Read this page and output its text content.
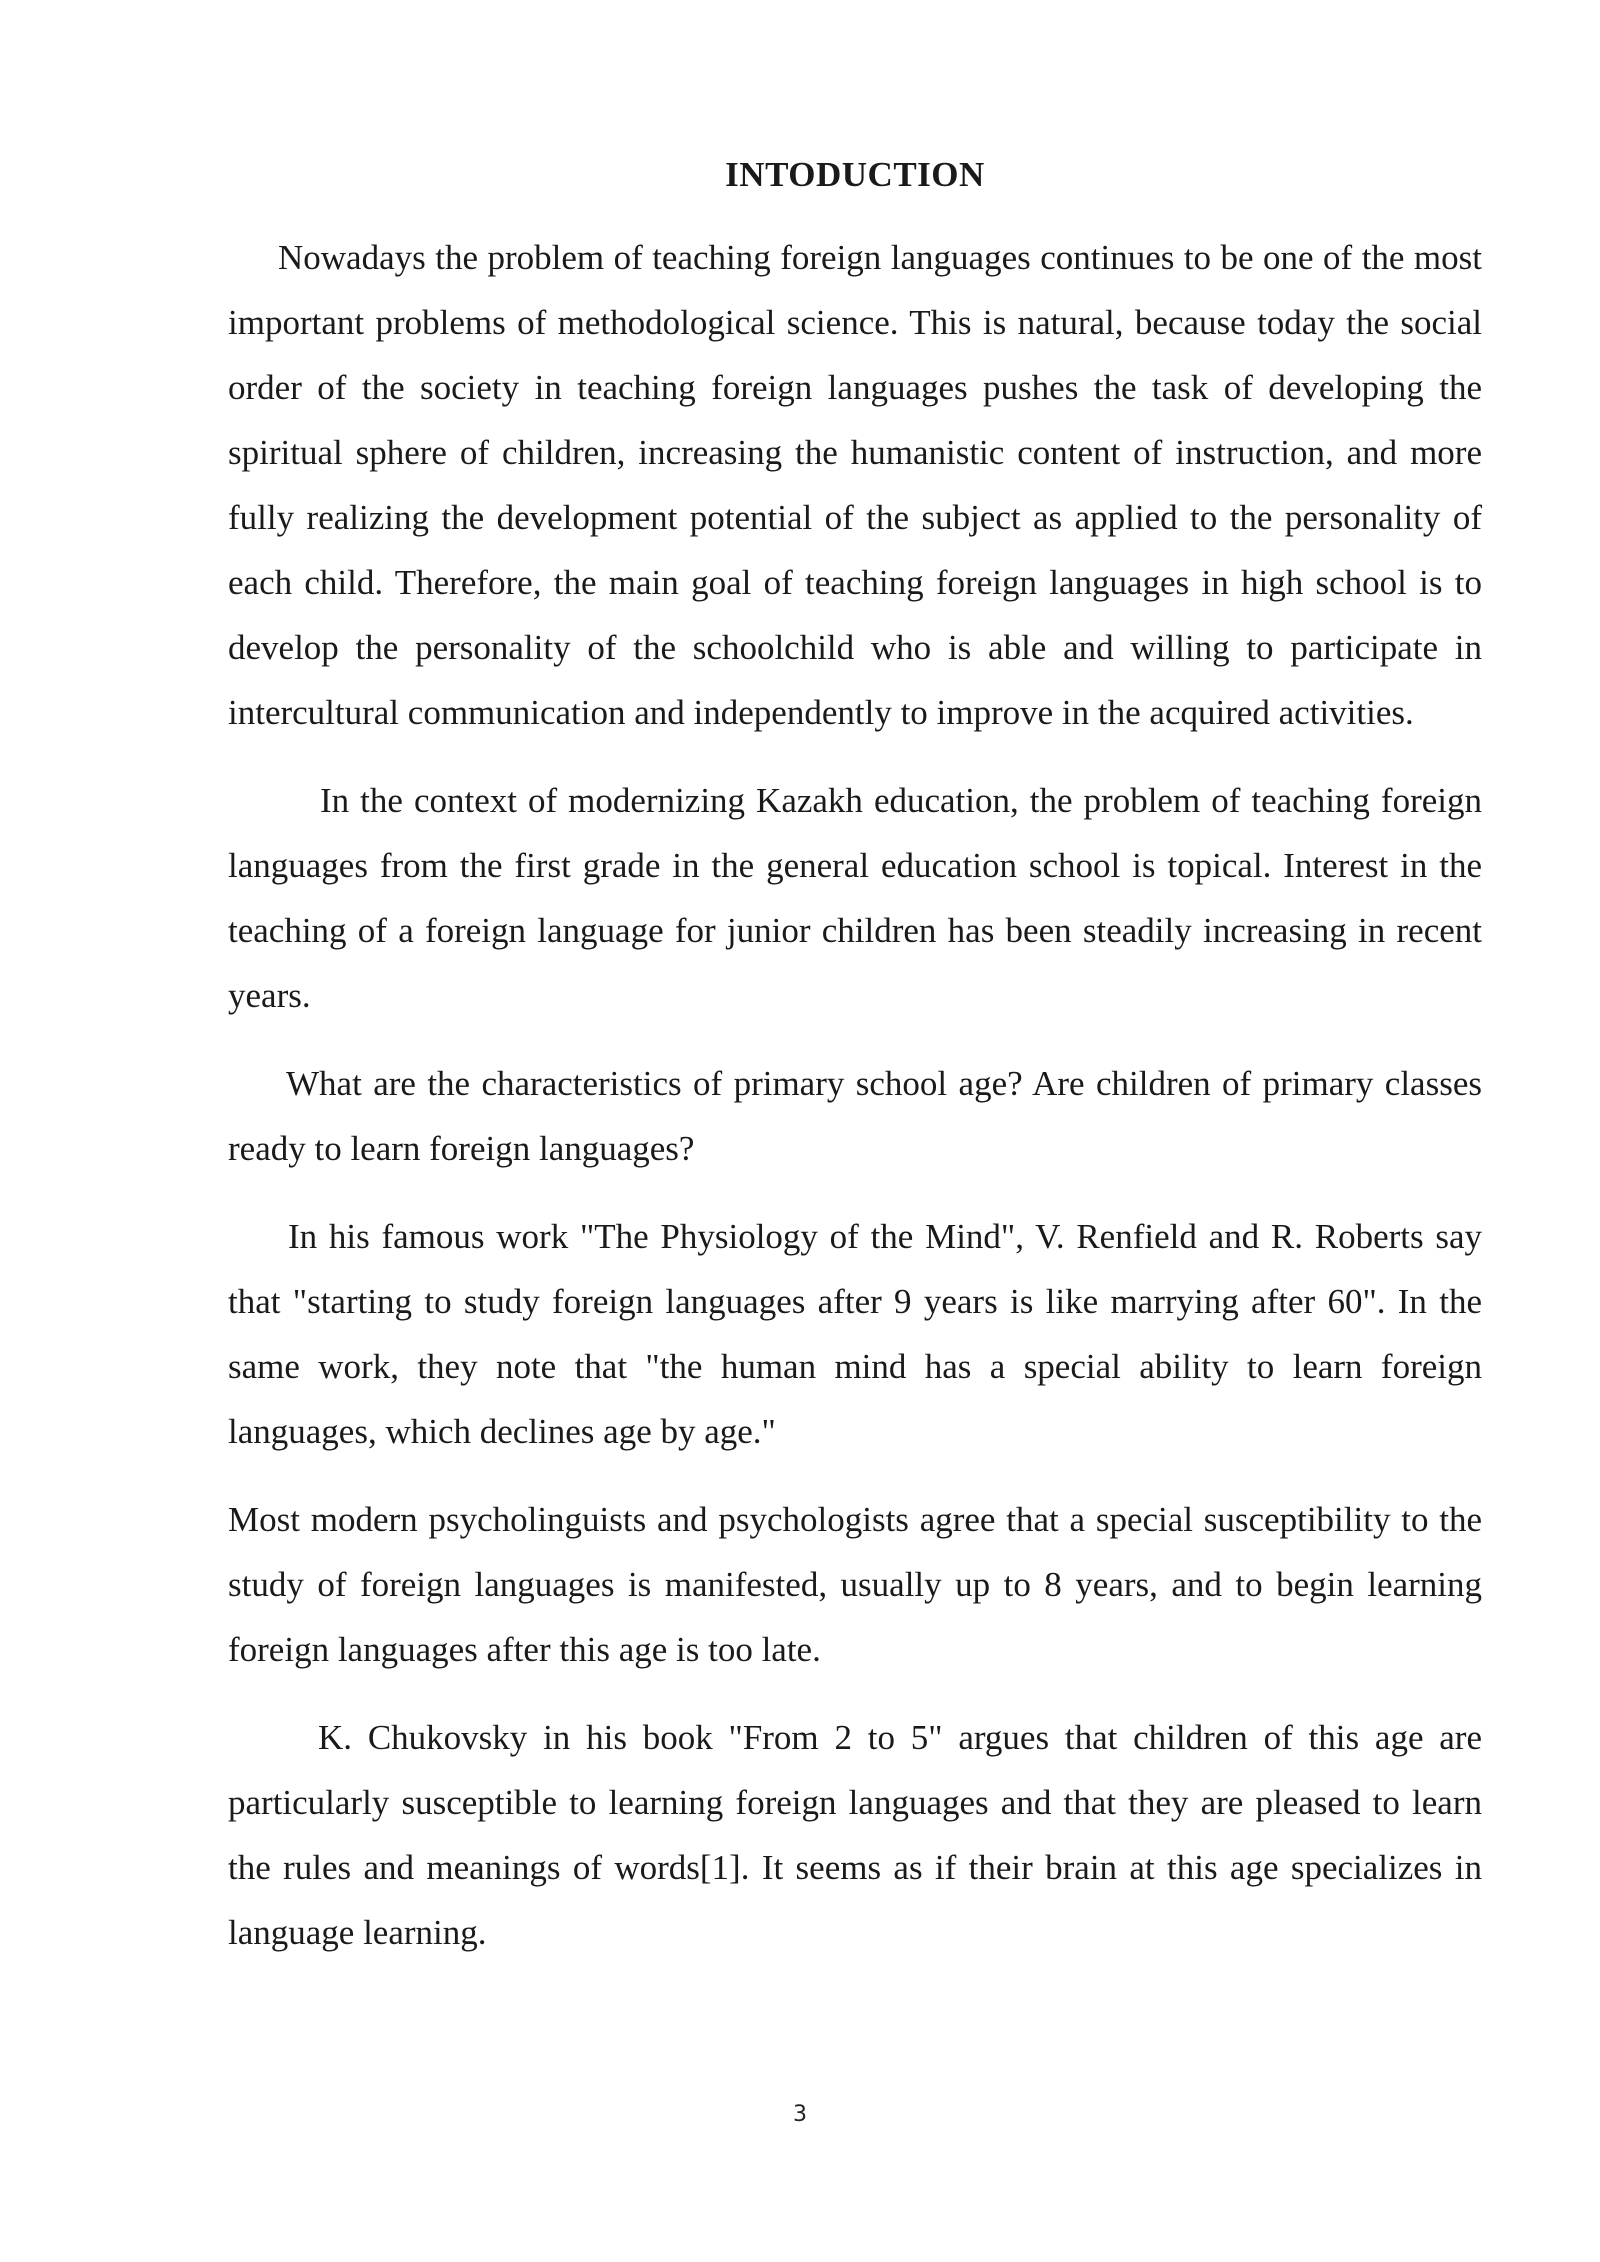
INTODUCTION

Nowadays the problem of teaching foreign languages continues to be one of the most important problems of methodological science. This is natural, because today the social order of the society in teaching foreign languages pushes the task of developing the spiritual sphere of children, increasing the humanistic content of instruction, and more fully realizing the development potential of the subject as applied to the personality of each child. Therefore, the main goal of teaching foreign languages in high school is to develop the personality of the schoolchild who is able and willing to participate in intercultural communication and independently to improve in the acquired activities.

In the context of modernizing Kazakh education, the problem of teaching foreign languages from the first grade in the general education school is topical. Interest in the teaching of a foreign language for junior children has been steadily increasing in recent years.

What are the characteristics of primary school age? Are children of primary classes ready to learn foreign languages?

In his famous work "The Physiology of the Mind", V. Renfield and R. Roberts say that "starting to study foreign languages after 9 years is like marrying after 60". In the same work, they note that "the human mind has a special ability to learn foreign languages, which declines age by age."

Most modern psycholinguists and psychologists agree that a special susceptibility to the study of foreign languages is manifested, usually up to 8 years, and to begin learning foreign languages after this age is too late.

K. Chukovsky in his book "From 2 to 5" argues that children of this age are particularly susceptible to learning foreign languages and that they are pleased to learn the rules and meanings of words[1]. It seems as if their brain at this age specializes in language learning.

3
